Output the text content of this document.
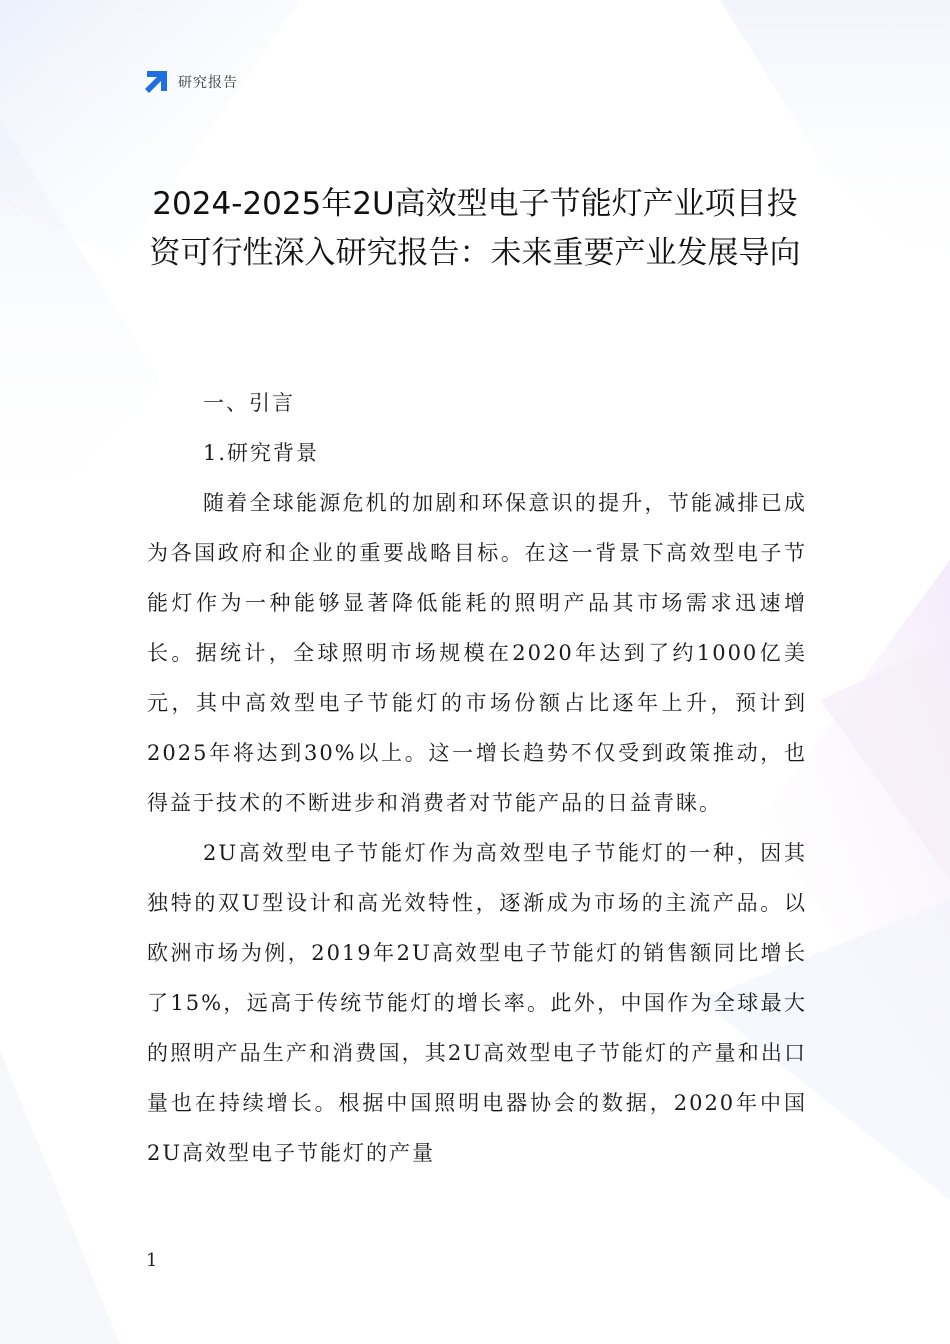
研究报告
2024-2025年2U高效型电子节能灯产业项目投资可行性深入研究报告：未来重要产业发展导向
一、引言
1.研究背景

随着全球能源危机的加剧和环保意识的提升，节能减排已成为各国政府和企业的重要战略目标。在这一背景下高效型电子节能灯作为一种能够显著降低能耗的照明产品其市场需求迅速增长。据统计，全球照明市场规模在2020年达到了约1000亿美元，其中高效型电子节能灯的市场份额占比逐年上升，预计到2025年将达到30%以上。这一增长趋势不仅受到政策推动，也得益于技术的不断进步和消费者对节能产品的日益青睐。

2U高效型电子节能灯作为高效型电子节能灯的一种，因其独特的双U型设计和高光效特性，逐渐成为市场的主流产品。以欧洲市场为例，2019年2U高效型电子节能灯的销售额同比增长了15%，远高于传统节能灯的增长率。此外，中国作为全球最大的照明产品生产和消费国，其2U高效型电子节能灯的产量和出口量也在持续增长。根据中国照明电器协会的数据，2020年中国2U高效型电子节能灯的产量

1
